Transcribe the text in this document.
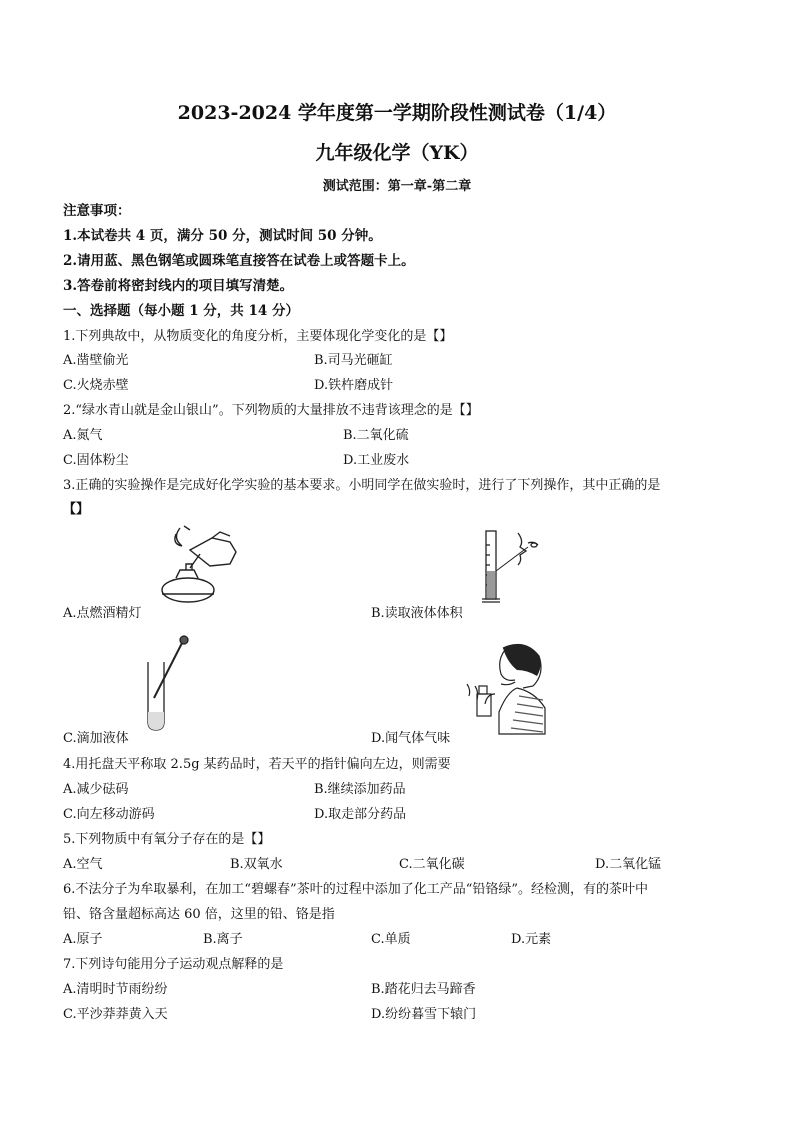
2023-2024 学年度第一学期阶段性测试卷（1/4）
九年级化学（YK）
测试范围：第一章-第二章
注意事项：
1.本试卷共 4 页，满分 50 分，测试时间 50 分钟。
2.请用蓝、黑色钢笔或圆珠笔直接答在试卷上或答题卡上。
3.答卷前将密封线内的项目填写清楚。
一、选择题（每小题 1 分，共 14 分）
1.下列典故中，从物质变化的角度分析，主要体现化学变化的是【】
A.凿壁偷光	B.司马光砸缸
C.火烧赤壁	D.铁杵磨成针
2.“绿水青山就是金山银山”。下列物质的大量排放不违背该理念的是【】
A.氮气	B.二氧化硫
C.固体粉尘	D.工业废水
3.正确的实验操作是完成好化学实验的基本要求。小明同学在做实验时，进行了下列操作，其中正确的是
【】
A.点燃酒精灯	B.读取液体体积
C.滴加液体	D.闻气体气味
4.用托盘天平称取 2.5g 某药品时，若天平的指针偏向左边，则需要
A.减少砝码	B.继续添加药品
C.向左移动游码	D.取走部分药品
5.下列物质中有氧分子存在的是【】
A.空气	B.双氧水	C.二氧化碳	D.二氧化锰
6.不法分子为牟取暴利，在加工“碧螺春”茶叶的过程中添加了化工产品“铅铬绿”。经检测，有的茶叶中
铅、铬含量超标高达 60 倍，这里的铅、铬是指
A.原子	B.离子	C.单质	D.元素
7.下列诗句能用分子运动观点解释的是
A.清明时节雨纷纷	B.踏花归去马蹄香
C.平沙莽莽黄入天	D.纷纷暮雪下辕门
